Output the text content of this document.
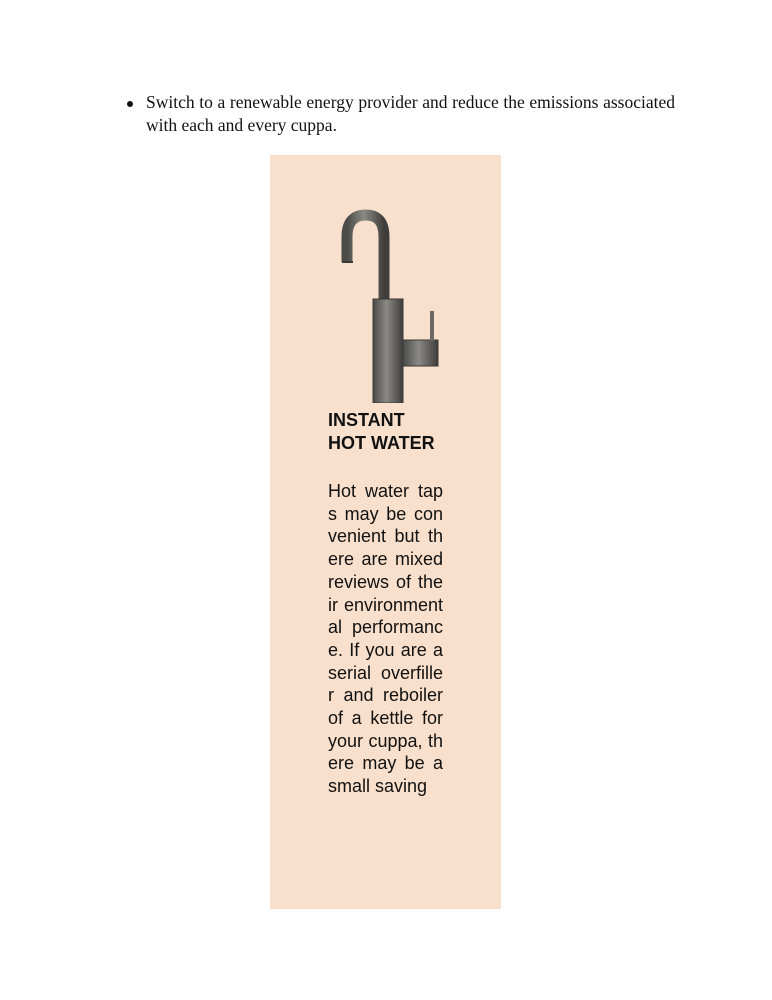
Switch to a renewable energy provider and reduce the emissions associated with each and every cuppa.
INSTANT
HOT WATER

Hot water taps may be convenient but there are mixed reviews of their environmental performance. If you are a serial overfiller and reboiler of a kettle for your cuppa, there may be a small saving
